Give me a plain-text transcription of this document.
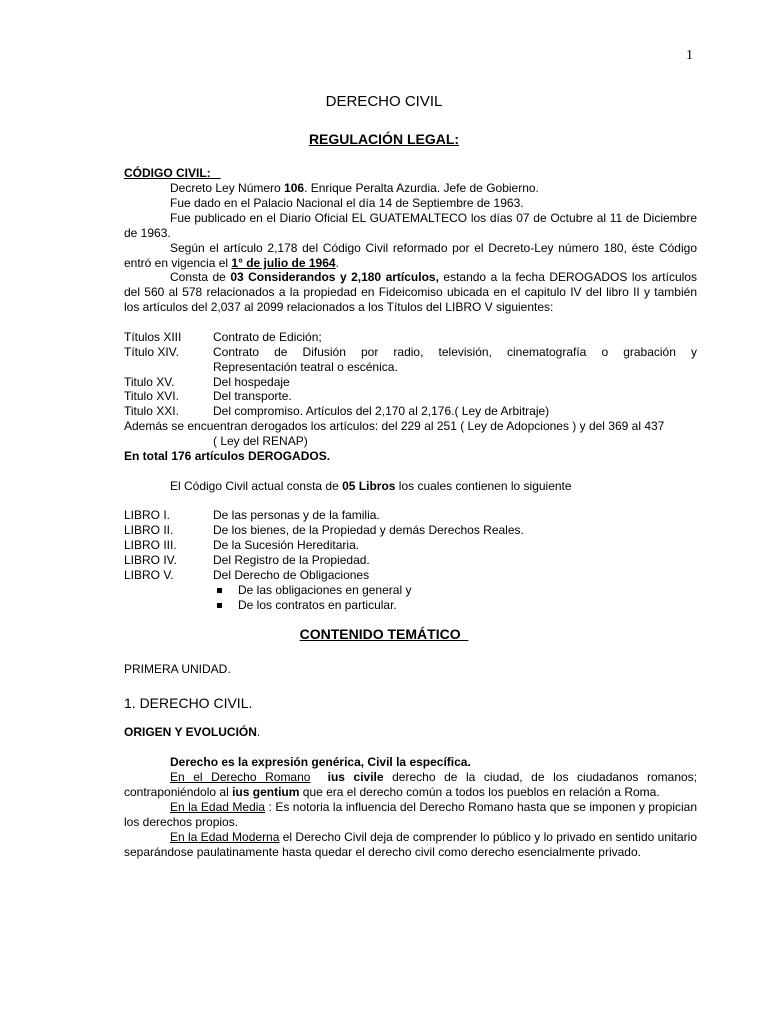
1
DERECHO CIVIL
REGULACIÓN LEGAL:
CÓDIGO CIVIL:
Decreto Ley Número 106. Enrique Peralta Azurdia. Jefe de Gobierno.
Fue dado en el Palacio Nacional el día 14 de Septiembre de 1963.
Fue publicado en el Diario Oficial EL GUATEMALTECO los días 07 de Octubre al 11 de Diciembre de 1963.
Según el artículo 2,178 del Código Civil reformado por el Decreto-Ley número 180, éste Código entró en vigencia el 1° de julio de 1964.
Consta de 03 Considerandos y 2,180 artículos, estando a la fecha DEROGADOS los artículos del 560 al 578 relacionados a la propiedad en Fideicomiso ubicada en el capitulo IV del libro II y también los artículos del 2,037 al 2099 relacionados a los Títulos del LIBRO V siguientes:
Títulos XIII	Contrato de Edición;
Título XIV.	Contrato de Difusión por radio, televisión, cinematografía o grabación y
Representación teatral o escénica.
Titulo XV.	Del hospedaje
Titulo XVI.	Del transporte.
Titulo XXI.	Del compromiso. Artículos del 2,170 al 2,176.( Ley de Arbitraje)
Además se encuentran derogados los artículos: del 229 al 251 ( Ley de Adopciones ) y del 369 al 437
( Ley del RENAP)
En total 176 artículos DEROGADOS.
El Código Civil actual consta de 05 Libros los cuales contienen lo siguiente
LIBRO I.	De las personas y de la familia.
LIBRO II.	De los bienes, de la Propiedad y demás Derechos Reales.
LIBRO III.	De la Sucesión Hereditaria.
LIBRO IV.	Del Registro de la Propiedad.
LIBRO V.	Del Derecho de Obligaciones
De las obligaciones en general y
De los contratos en particular.
CONTENIDO TEMÁTICO
PRIMERA UNIDAD.
1. DERECHO CIVIL.
ORIGEN Y EVOLUCIÓN.
Derecho es la expresión genérica, Civil la específica.
En el Derecho Romano ius civile derecho de la ciudad, de los ciudadanos romanos; contraponiéndolo al ius gentium que era el derecho común a todos los pueblos en relación a Roma.
En la Edad Media : Es notoria la influencia del Derecho Romano hasta que se imponen y propician los derechos propios.
En la Edad Moderna el Derecho Civil deja de comprender lo público y lo privado en sentido unitario separándose paulatinamente hasta quedar el derecho civil como derecho esencialmente privado.
